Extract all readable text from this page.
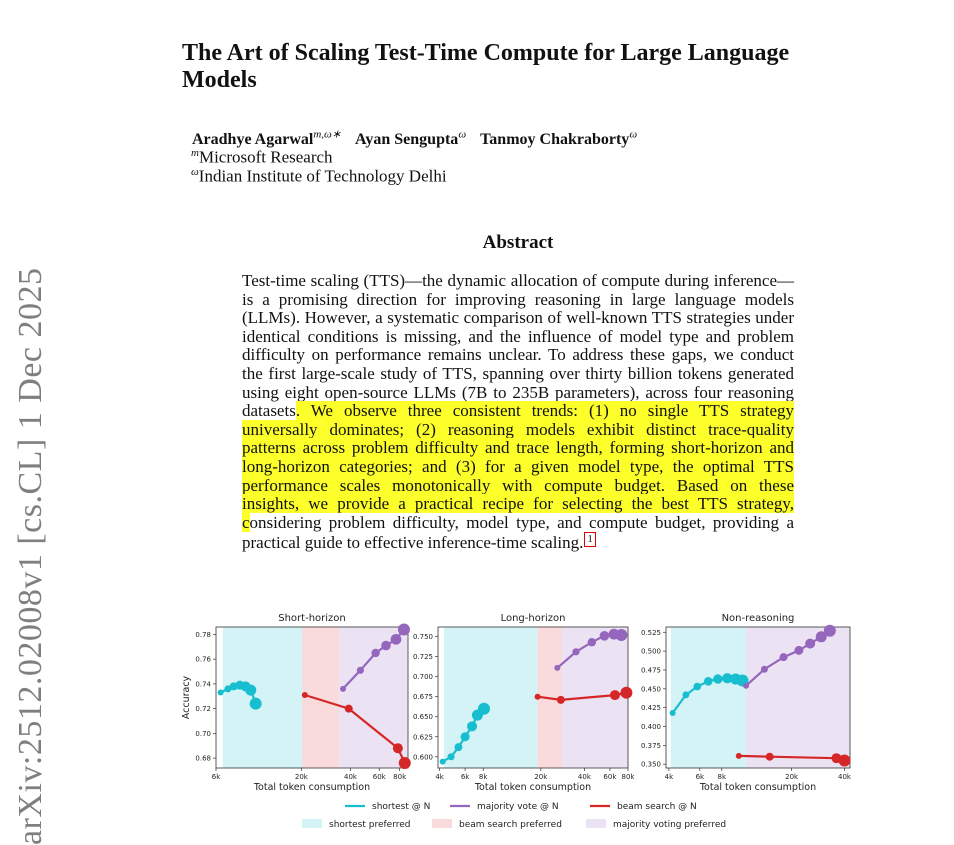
arXiv:2512.02008v1 [cs.CL] 1 Dec 2025
The Art of Scaling Test-Time Compute for Large Language Models
Aradhye Agarwal$^{m,\omega∗}$ Ayan Sengupta$^\omega$ Tanmoy Chakraborty$^\omega$
$^m$Microsoft Research
$^\omega$Indian Institute of Technology Delhi
Abstract

Test-time scaling (TTS)—the dynamic allocation of compute during inference—is a promising direction for improving reasoning in large language models (LLMs). However, a systematic comparison of well-known TTS strategies under identical conditions is missing, and the influence of model type and problem difficulty on performance remains unclear. To address these gaps, we conduct the first large-scale study of TTS, spanning over thirty billion tokens generated using eight open-source LLMs (7B to 235B parameters), across four reasoning datasets. We observe three consistent trends: (1) no single TTS strategy universally dominates; (2) reasoning models exhibit distinct trace-quality patterns across problem difficulty and trace length, forming short-horizon and long-horizon categories; and (3) for a given model type, the optimal TTS performance scales monotonically with compute budget. Based on these insights, we provide a practical recipe for selecting the best TTS strategy, considering problem difficulty, model type, and compute budget, providing a practical guide to effective inference-time scaling. 1

Short-horizon
0.68
0.70
0.72
0.74
0.76
0.78
6k	20k	40k 60k 80k
Total token consumption
Accuracy
Long-horizon
0.600
0.625
0.650
0.675
0.700
0.725
0.750
4k 6k 8k	20k	40k 60k 80k
Total token consumption
Non-reasoning
0.350
0.375
0.400
0.425
0.450
0.475
0.500
0.525
4k	6k 8k	20k	40k
Total token consumption
shortest @ N	majority vote @ N	beam search @ N
shortest preferred	beam search preferred	majority voting preferred
